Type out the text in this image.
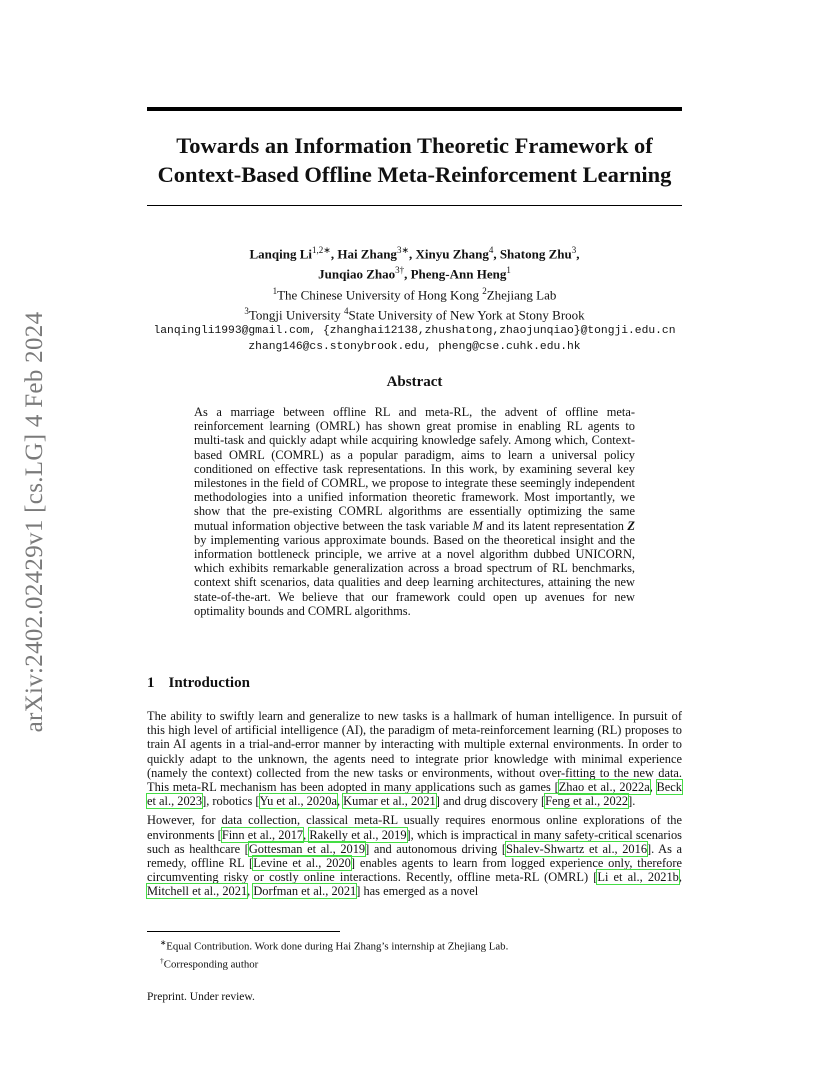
arXiv:2402.02429v1 [cs.LG] 4 Feb 2024
Towards an Information Theoretic Framework of
Context-Based Offline Meta-Reinforcement Learning
Lanqing $Li^{1,2∗}$, Hai Zhang$^{3∗}$, Xinyu Zhang$^4$, Shatong Zhu$^3$,
Junqiao Zhao$^{3\dagger}$, Pheng-Ann Heng$^1$
$^1$The Chinese University of Hong Kong $^2$Zhejiang Lab
$^3$Tongji University $^4$State University of New York at Stony Brook
lanqingli1993@gmail.com, {zhanghai12138,zhushatong,zhaojunqiao}@tongji.edu.cn
zhang146@cs.stonybrook.edu, pheng@cse.cuhk.edu.hk
Abstract
As a marriage between offline RL and meta-RL, the advent of offline meta-reinforcement learning (OMRL) has shown great promise in enabling RL agents to multi-task and quickly adapt while acquiring knowledge safely. Among which, Context-based OMRL (COMRL) as a popular paradigm, aims to learn a universal policy conditioned on effective task representations. In this work, by examining several key milestones in the field of COMRL, we propose to integrate these seemingly independent methodologies into a unified information theoretic framework. Most importantly, we show that the pre-existing COMRL algorithms are essentially optimizing the same mutual information objective between the task variable M and its latent representation Z by implementing various approximate bounds. Based on the theoretical insight and the information bottleneck principle, we arrive at a novel algorithm dubbed UNICORN, which exhibits remarkable generalization across a broad spectrum of RL benchmarks, context shift scenarios, data qualities and deep learning architectures, attaining the new state-of-the-art. We believe that our framework could open up avenues for new optimality bounds and COMRL algorithms.
1 Introduction

The ability to swiftly learn and generalize to new tasks is a hallmark of human intelligence. In pursuit of this high level of artificial intelligence (AI), the paradigm of meta-reinforcement learning (RL) proposes to train AI agents in a trial-and-error manner by interacting with multiple external environments. In order to quickly adapt to the unknown, the agents need to integrate prior knowledge with minimal experience (namely the context) collected from the new tasks or environments, without over-fitting to the new data. This meta-RL mechanism has been adopted in many applications such as games [Zhao et al., 2022a, Beck et al., 2023], robotics [Yu et al., 2020a, Kumar et al., 2021] and drug discovery [Feng et al., 2022].

However, for data collection, classical meta-RL usually requires enormous online explorations of the environments [Finn et al., 2017, Rakelly et al., 2019], which is impractical in many safety-critical scenarios such as healthcare [Gottesman et al., 2019] and autonomous driving [Shalev-Shwartz et al., 2016]. As a remedy, offline RL [Levine et al., 2020] enables agents to learn from logged experience only, therefore circumventing risky or costly online interactions. Recently, offline meta-RL (OMRL) [Li et al., 2021b, Mitchell et al., 2021, Dorfman et al., 2021] has emerged as a novel

∗Equal Contribution. Work done during Hai Zhang’s internship at Zhejiang Lab.
†Corresponding author
Preprint. Under review.
